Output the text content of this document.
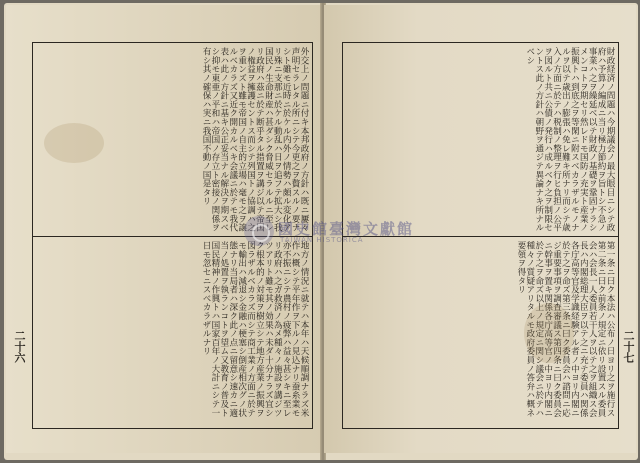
外交上ノ問題ニ付キ本邦政府ノ方針ハ既ニ屢々声明セラレタル所ニシテ今更之ヲ贅スルノ要ナシト雖モ近時ニ於ケル内外ノ情勢ハ頗ル変化アリ殊ニ支那ニ於ケル動乱ハ日ヲ追フテ拡大シ我国民ノ生命財産ハ甚ダシク脅威セラルルニ至レリ政府ハ茲ニ於テ断乎タル措置ヲ講ジ以テ帝国ノ権益ヲ擁護セントス而シテ列国トノ協調ハ之ヲ重ンズト雖モ帝国ノ自主的立場ハ毫モ之ヲ譲ルベカラズ又近ク開カルベキ会議ニ於テモ我代表ハ此ノ方針ニ基キ公正妥当ナル解決ヲ期スベシ抑モ東亜ノ平和ハ帝国ノ存立ト密接ノ関係ヲ有シ其ノ確保ハ実ニ我国不動ノ国是タリ
地方ノ情況ニ就テハ本年ハ天候順調ナラズ米作ハ概シテ平年作ヲ下ルノ見込ナリ蚕糸業モ亦不振ニシテ農村ノ疲弊ハ益々甚シキニ至レリ政府ハ之ガ救済ノ為メ種々ノ施設ヲ講ジツツアリト雖モ其ノ効果ハ未ダ十分ナラズ宜シク根本的ノ対策ヲ樹立シテ地方産業ノ振興ヲ図ラザルベカラズ而シテ商工業ノ方面ニ於テモ輸出ハ減退シ金融ハ梗塞シ倒産相次グノ状態ナリ当局者ハ深ク此ノ点ニ留意シ速カニ適当ノ処置ヲ執ランコトヲ望ム又教育ノ普及ト国民精神ノ作興トハ国家百年ノ大計ニシテ一日モ忽セニスベカラザルナリ
財政経済ノ問題ハ今期議会ノ最大眼目ニシテ政府ハ予算ノ編成ニ当リ極力節約ヲ旨トシ不急ノ事業ハ之ヲ繰延ベ以テ財政ノ基礎ヲ鞏固ナラシメンコトヲ期セリ然レドモ国防ノ充実ト産業ノ振興トハ到底之ヲ等閑ニ附スベカラザルモノナルヲ以テ歳出ノ膨張ハ免レ難キ所ナリ而シテ歳入ノ方面ニ於テハ税制ノ整理ヲ行ヒ負担ノ公平ヲ図ルト共ニ公債ノ発行ハ成ルベク之ヲ制限セントス此ノ方針ハ朝野ヲ通ジテ異論ナキ所ナルベシ
第一条ニ曰ク本法ハ公布ノ日ヨリ之ヲ施行ス第二条ニ曰ク前条ノ規定ニ依リ設置スル委員会ハ会長一人委員若干人ヲ以テ之ヲ組織ス会長ハ内閣総理大臣ヲ以テ之ニ充テ委員ハ関係各庁高等官及学識経験アル者ノ中ヨリ内閣ニ於テ之ヲ命ズ第三条ニ曰ク委員会ハ諮問ニ応ジ重要事項ヲ調査審議ス第四条ニ曰ク委員会ニ幹事ヲ置キ関係各庁高等官ノ中ヨリ内閣ニ於テ之ヲ命ズ以上ノ規定ニ関シ議会ニ於テハ種々ノ質疑アリタルモ政府委員ノ答弁ハ概ネ要領ヲ得タリ
二十六	二十七
國史館臺灣文獻館
TAIWAN HISTORICA
